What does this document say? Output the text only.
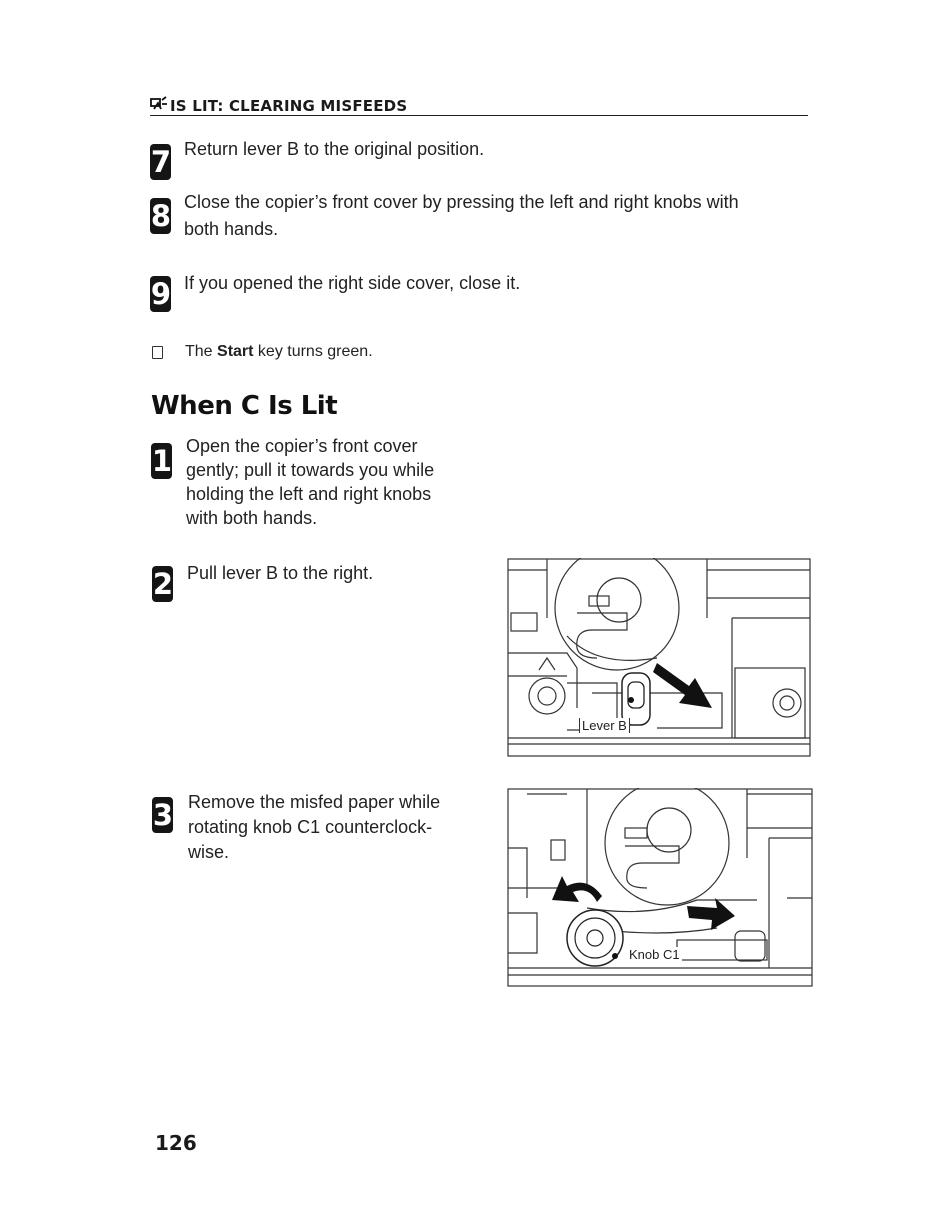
IS LIT: CLEARING MISFEEDS
7 Return lever B to the original position.
8 Close the copier’s front cover by pressing the left and right knobs with
both hands.
9 If you opened the right side cover, close it.
The Start key turns green.
When C Is Lit
1 Open the copier’s front cover
gently; pull it towards you while
holding the left and right knobs
with both hands.
2 Pull lever B to the right.
Lever B
3 Remove the misfed paper while
rotating knob C1 counterclock-
wise.
Knob C1
126
